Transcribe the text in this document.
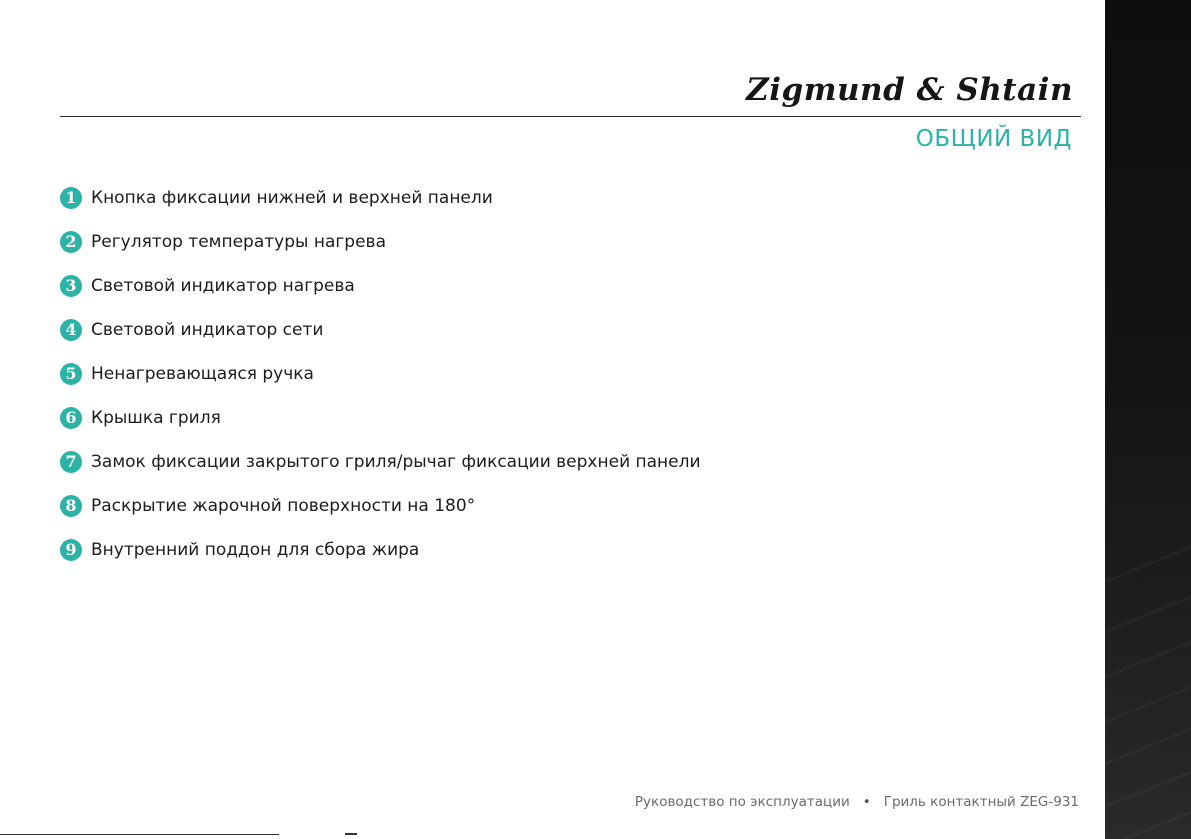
Zigmund & Shtain
ОБЩИЙ ВИД
1 Кнопка фиксации нижней и верхней панели
2 Регулятор температуры нагрева
3 Световой индикатор нагрева
4 Световой индикатор сети
5 Ненагревающаяся ручка
6 Крышка гриля
7 Замок фиксации закрытого гриля/рычаг фиксации верхней панели
8 Раскрытие жарочной поверхности на 180°
9 Внутренний поддон для сбора жира
Руководство по эксплуатации • Гриль контактный ZEG-931
